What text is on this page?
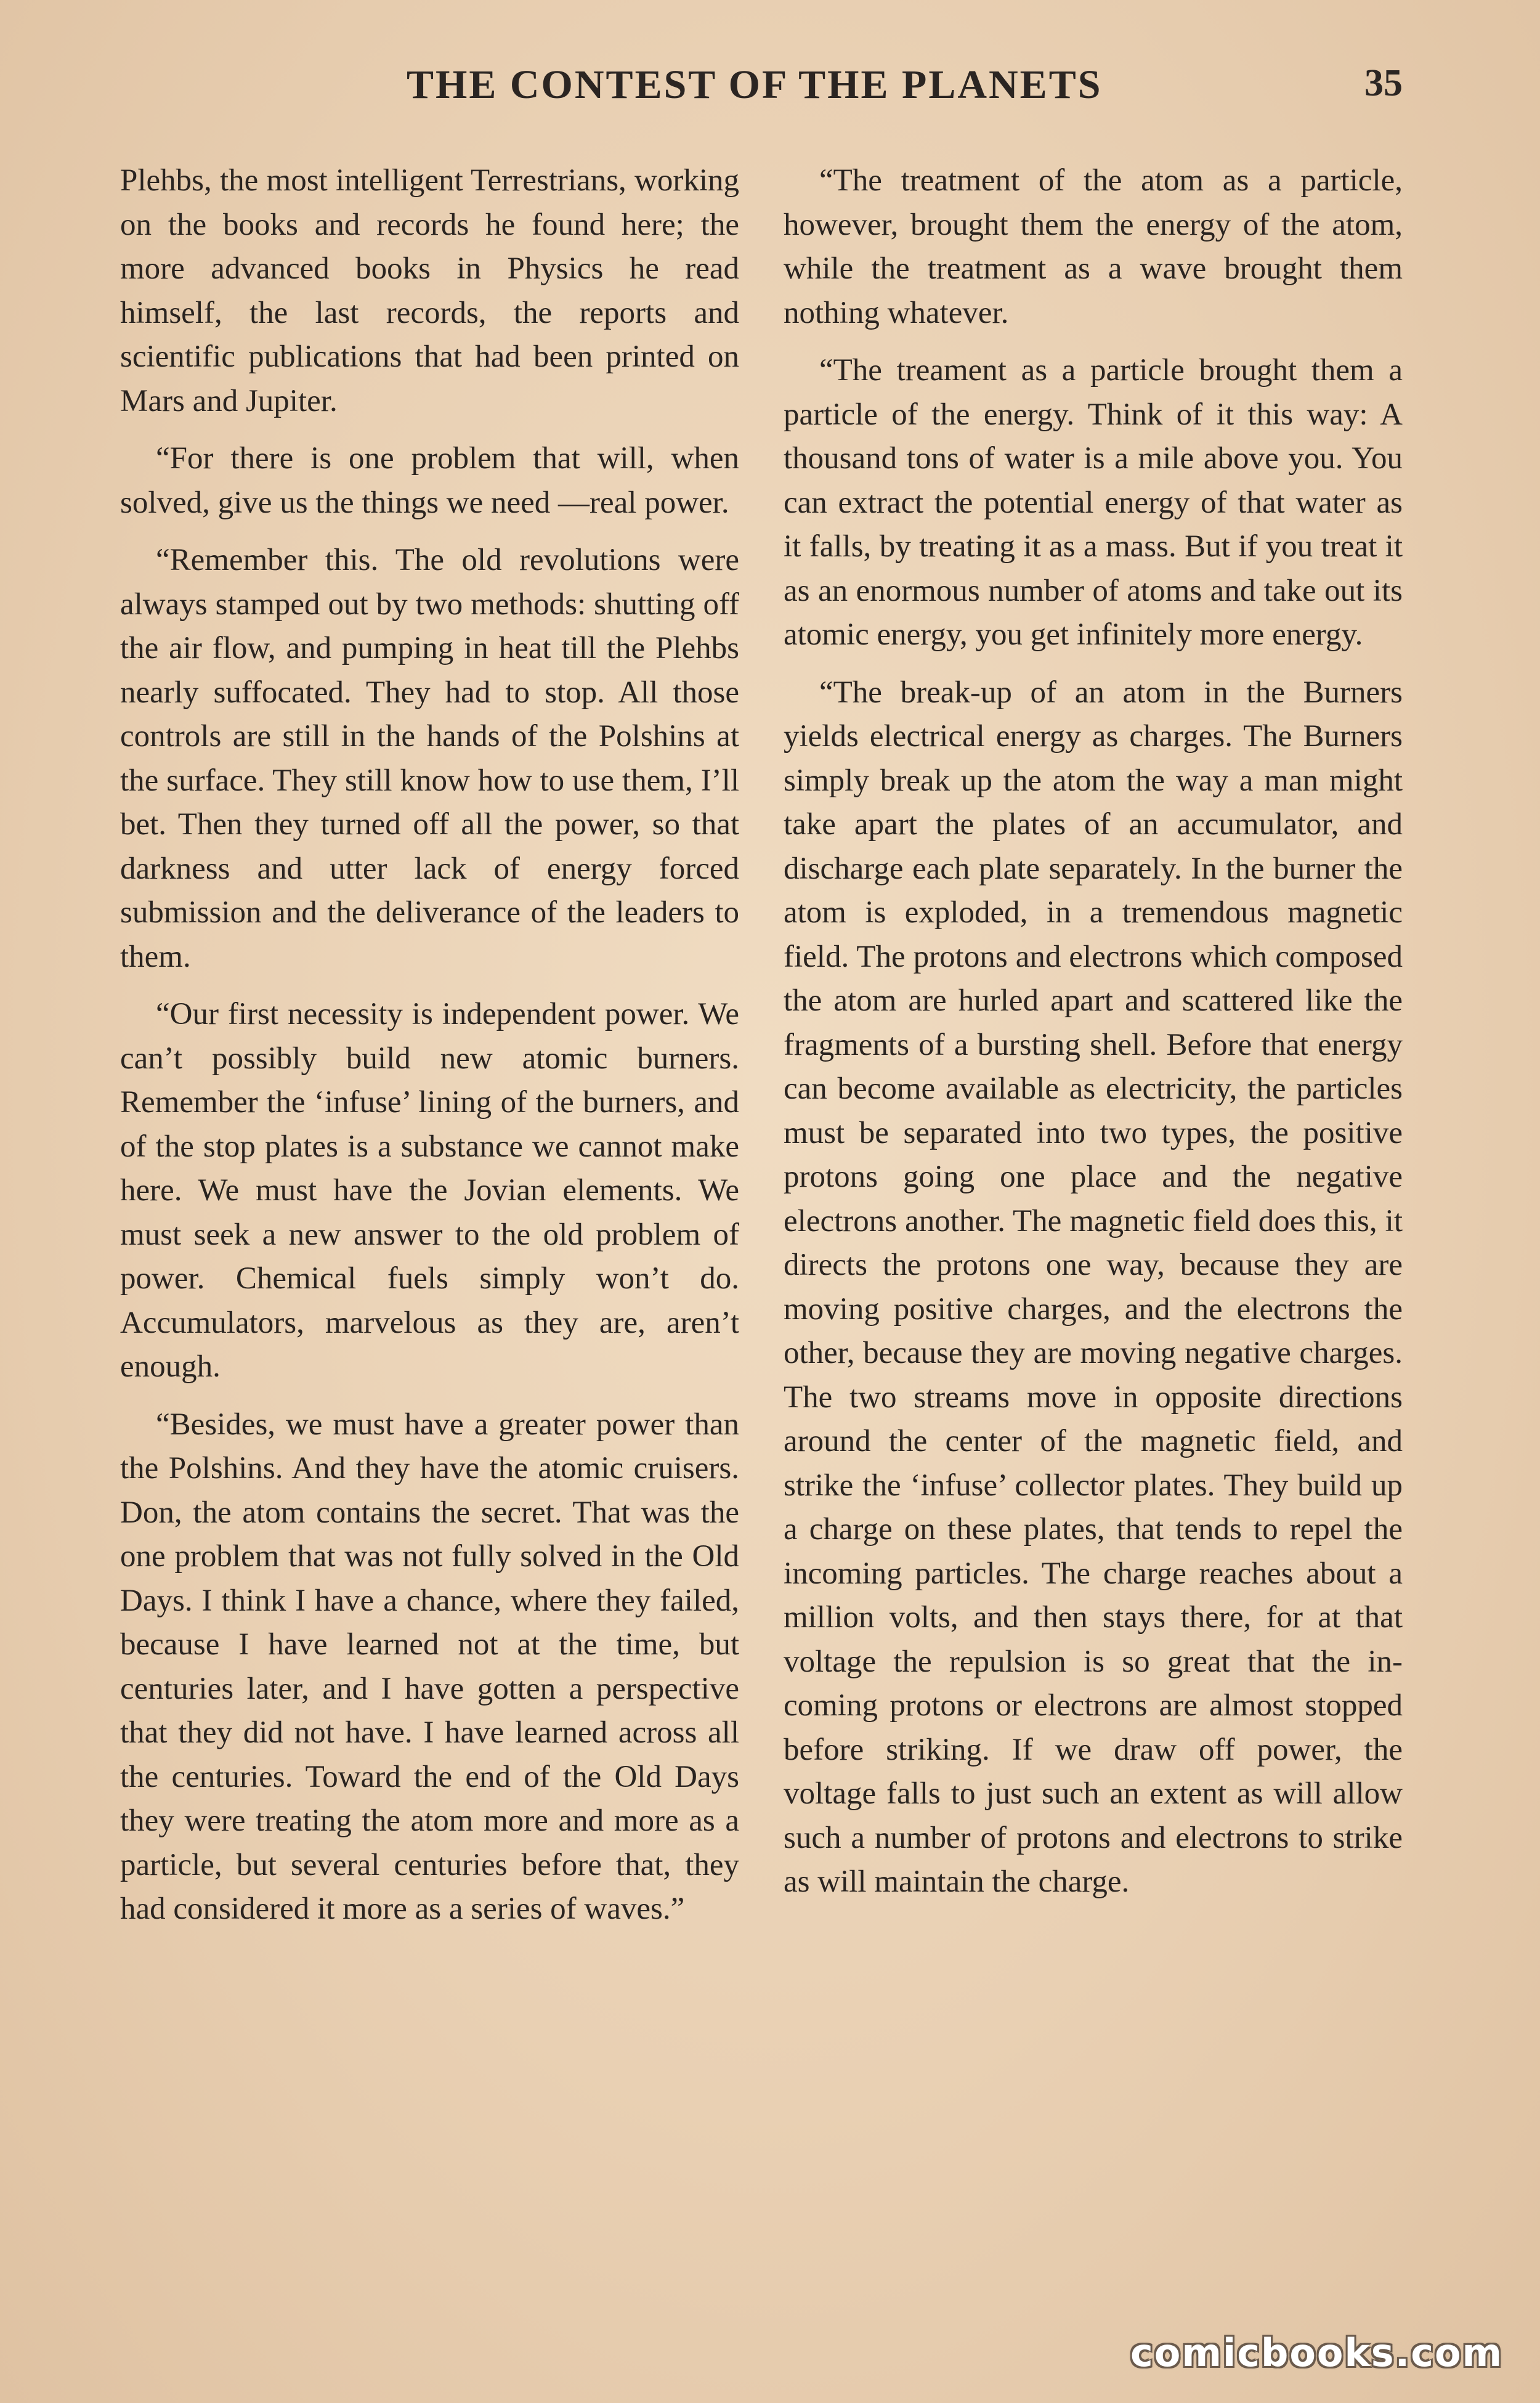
THE CONTEST OF THE PLANETS	35

Plehbs, the most intelligent Terrestrians, working on the books and records he found here; the more advanced books in Physics he read himself, the last records, the reports and scientific publications that had been printed on Mars and Jupiter.

“For there is one problem that will, when solved, give us the things we need —real power.

“Remember this. The old revolutions were always stamped out by two methods: shutting off the air flow, and pumping in heat till the Plehbs nearly suffocated. They had to stop. All those controls are still in the hands of the Polshins at the surface. They still know how to use them, I’ll bet. Then they turned off all the power, so that darkness and utter lack of energy forced submission and the deliverance of the leaders to them.

“Our first necessity is independent power. We can’t possibly build new atomic burners. Remember the ‘infuse’ lining of the burners, and of the stop plates is a substance we cannot make here. We must have the Jovian elements. We must seek a new answer to the old problem of power. Chemical fuels simply won’t do. Accumulators, marvelous as they are, aren’t enough.

“Besides, we must have a greater power than the Polshins. And they have the atomic cruisers. Don, the atom contains the secret. That was the one problem that was not fully solved in the Old Days. I think I have a chance, where they failed, because I have learned not at the time, but centuries later, and I have gotten a perspective that they did not have. I have learned across all the centuries. Toward the end of the Old Days they were treating the atom more and more as a particle, but several centuries before that, they had considered it more as a series of waves.”

“The treatment of the atom as a particle, however, brought them the energy of the atom, while the treatment as a wave brought them nothing whatever.

“The treament as a particle brought them a particle of the energy. Think of it this way: A thousand tons of water is a mile above you. You can extract the potential energy of that water as it falls, by treating it as a mass. But if you treat it as an enormous number of atoms and take out its atomic energy, you get infinitely more energy.

“The break-up of an atom in the Burners yields electrical energy as charges. The Burners simply break up the atom the way a man might take apart the plates of an accumulator, and discharge each plate separately. In the burner the atom is exploded, in a tremendous magnetic field. The protons and electrons which composed the atom are hurled apart and scattered like the fragments of a bursting shell. Before that energy can become available as electricity, the particles must be separated into two types, the positive protons going one place and the negative electrons another. The magnetic field does this, it directs the protons one way, because they are moving positive charges, and the electrons the other, because they are moving negative charges. The two streams move in opposite directions around the center of the magnetic field, and strike the ‘infuse’ collector plates. They build up a charge on these plates, that tends to repel the incoming particles. The charge reaches about a million volts, and then stays there, for at that voltage the repulsion is so great that the incoming protons or electrons are almost stopped before striking. If we draw off power, the voltage falls to just such an extent as will allow such a number of protons and electrons to strike as will maintain the charge.

comicbooks.com
